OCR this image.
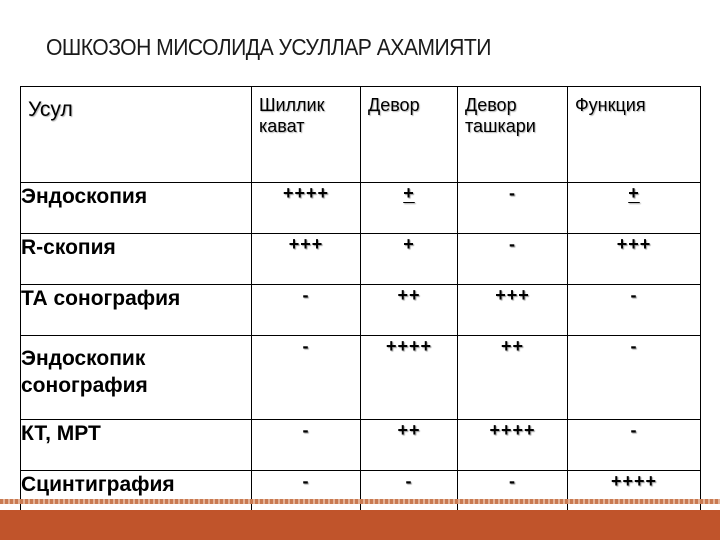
ОШКОЗОН МИСОЛИДА УСУЛЛАР АХАМИЯТИ
Усул	Шиллик кават	Девор	Девор ташкари	Функция

Эндоскопия	++++	+	-	+
R-скопия	+++	+	-	+++
ТА сонография	-	++	+++	-
Эндоскопик сонография	-	++++	++	-
КТ, МРТ	-	++	++++	-
Сцинтиграфия	-	-	-	++++
